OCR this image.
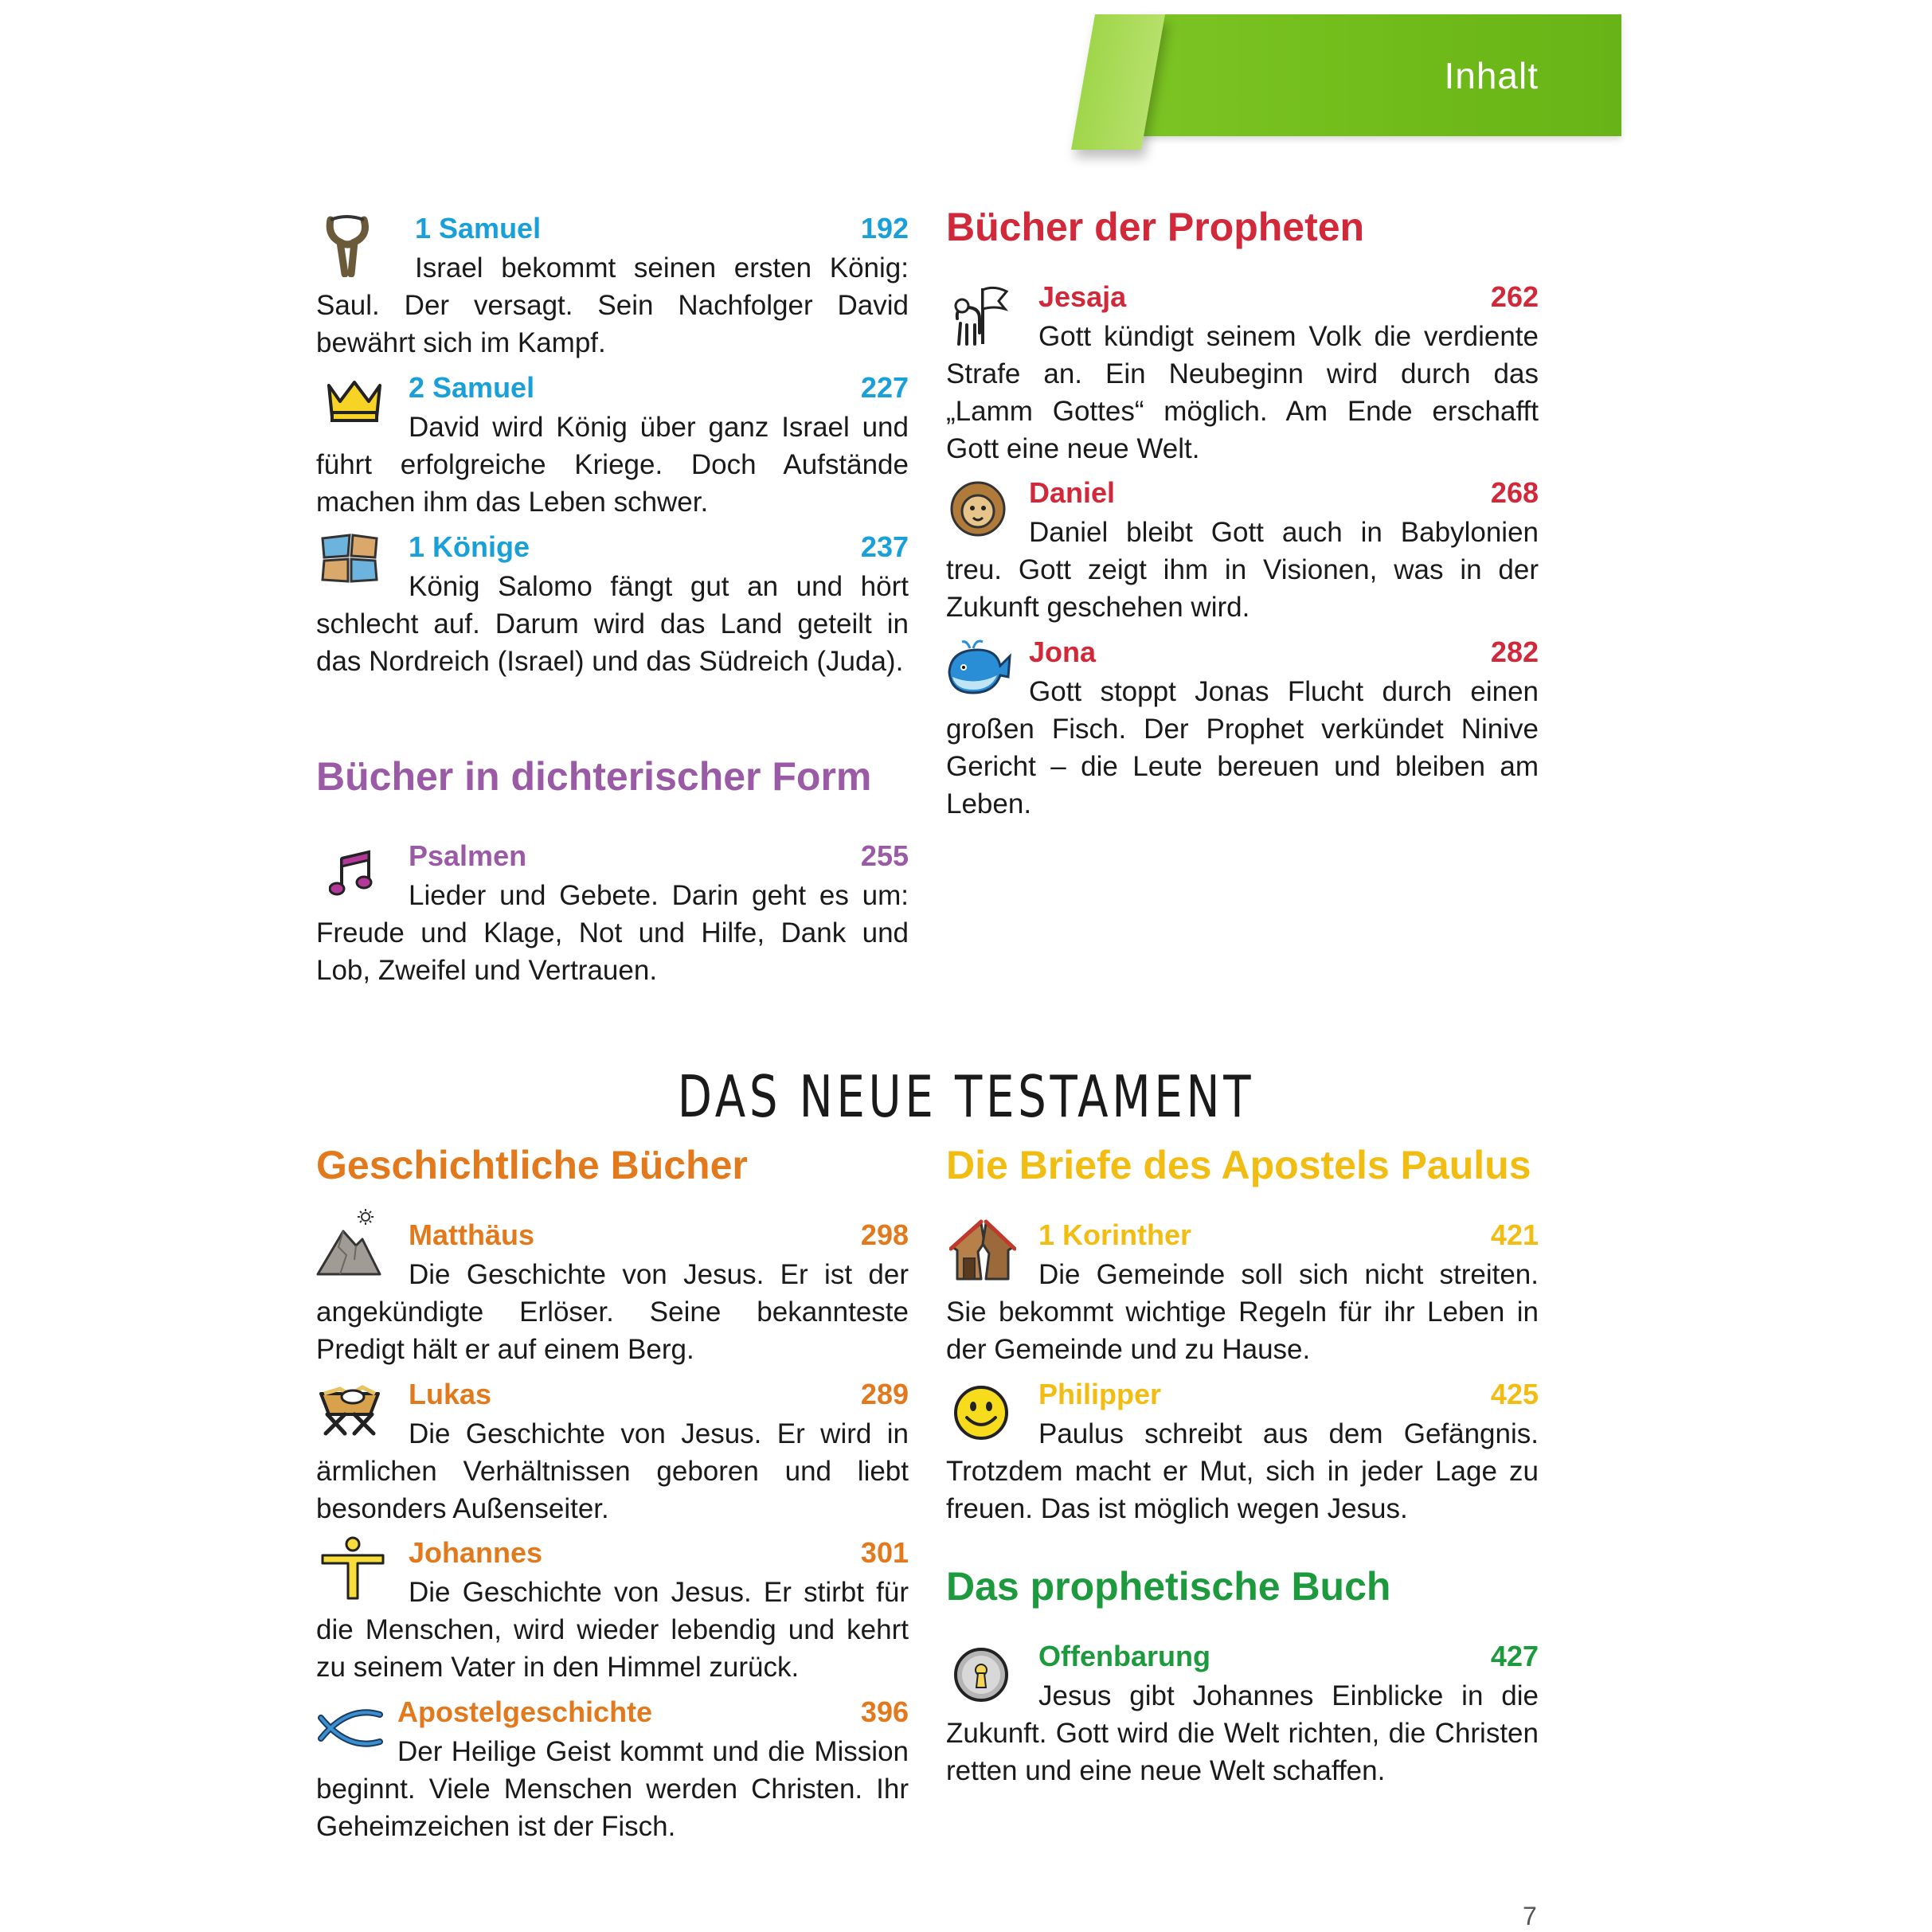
Inhalt
1 Samuel	192

Israel bekommt seinen ersten König: Saul. Der versagt. Sein Nachfolger David bewährt sich im Kampf.

2 Samuel	227

David wird König über ganz Israel und führt erfolgreiche Kriege. Doch Aufstände machen ihm das Leben schwer.

1 Könige	237

König Salomo fängt gut an und hört schlecht auf. Darum wird das Land geteilt in das Nordreich (Israel) und das Südreich (Juda).

Bücher in dichterischer Form
Psalmen	255

Lieder und Gebete. Darin geht es um: Freude und Klage, Not und Hilfe, Dank und Lob, Zweifel und Vertrauen.

Bücher der Propheten
Jesaja	262

Gott kündigt seinem Volk die verdiente Strafe an. Ein Neubeginn wird durch das „Lamm Gottes“ möglich. Am Ende erschafft Gott eine neue Welt.

Daniel	268

Daniel bleibt Gott auch in Babylonien treu. Gott zeigt ihm in Visionen, was in der Zukunft geschehen wird.

Jona	282

Gott stoppt Jonas Flucht durch einen großen Fisch. Der Prophet verkündet Ninive Gericht – die Leute bereuen und bleiben am Leben.

DAS NEUE TESTAMENT
Geschichtliche Bücher
Matthäus	298

Die Geschichte von Jesus. Er ist der angekündigte Erlöser. Seine bekannteste Predigt hält er auf einem Berg.

Lukas	289

Die Geschichte von Jesus. Er wird in ärmlichen Verhältnissen geboren und liebt besonders Außenseiter.

Johannes	301

Die Geschichte von Jesus. Er stirbt für die Menschen, wird wieder lebendig und kehrt zu seinem Vater in den Himmel zurück.

Apostelgeschichte	396

Der Heilige Geist kommt und die Mission beginnt. Viele Menschen werden Christen. Ihr Geheimzeichen ist der Fisch.

Die Briefe des Apostels Paulus
1 Korinther	421

Die Gemeinde soll sich nicht streiten. Sie bekommt wichtige Regeln für ihr Leben in der Gemeinde und zu Hause.

Philipper	425

Paulus schreibt aus dem Gefängnis. Trotzdem macht er Mut, sich in jeder Lage zu freuen. Das ist möglich wegen Jesus.

Das prophetische Buch
Offenbarung	427

Jesus gibt Johannes Einblicke in die Zukunft. Gott wird die Welt richten, die Christen retten und eine neue Welt schaffen.

7
